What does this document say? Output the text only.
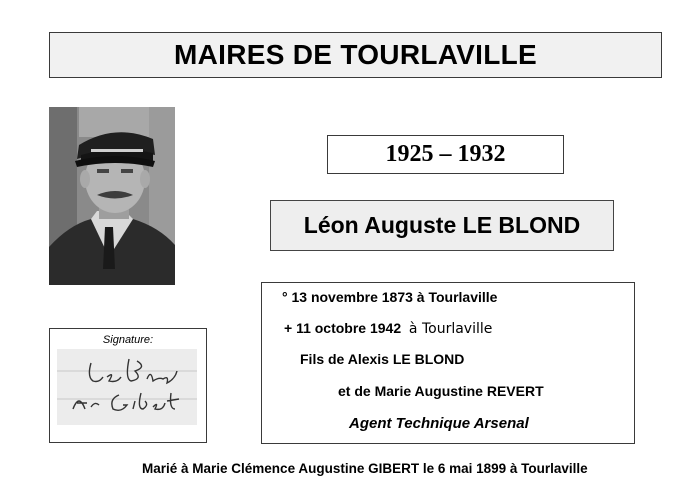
MAIRES DE TOURLAVILLE
1925 – 1932
Léon Auguste LE BLOND
° 13 novembre 1873 à Tourlaville
+ 11 octobre 1942 à Tourlaville
Fils de Alexis LE BLOND
et de Marie Augustine REVERT
Agent Technique Arsenal
Signature:
Marié à Marie Clémence Augustine GIBERT le 6 mai 1899 à Tourlaville
